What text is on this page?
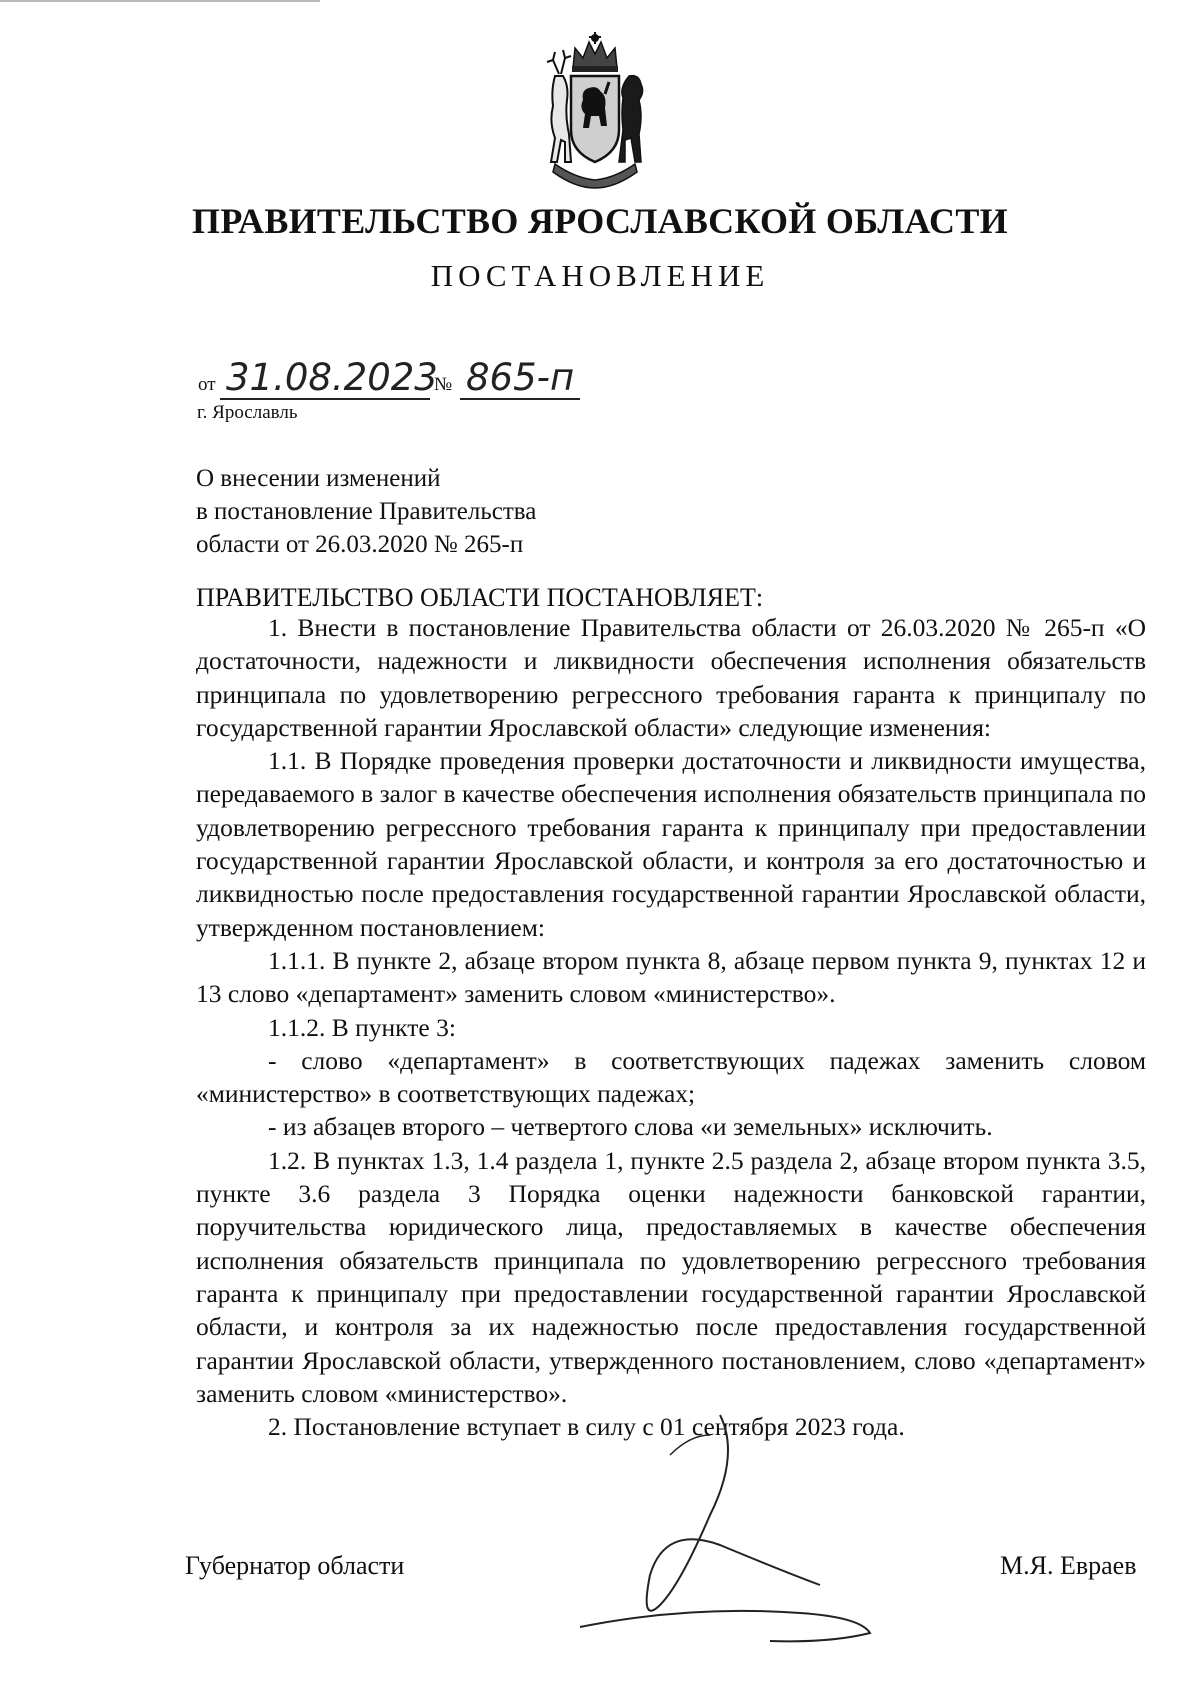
ПРАВИТЕЛЬСТВО ЯРОСЛАВСКОЙ ОБЛАСТИ
ПОСТАНОВЛЕНИЕ
от 31.08.2023
№ 865-п
г. Ярославль
О внесении изменений
в постановление Правительства
области от 26.03.2020 № 265-п
ПРАВИТЕЛЬСТВО ОБЛАСТИ ПОСТАНОВЛЯЕТ:

1. Внести в постановление Правительства области от 26.03.2020 № 265-п «О достаточности, надежности и ликвидности обеспечения исполнения обязательств принципала по удовлетворению регрессного требования гаранта к принципалу по государственной гарантии Ярославской области» следующие изменения:

1.1. В Порядке проведения проверки достаточности и ликвидности имущества, передаваемого в залог в качестве обеспечения исполнения обязательств принципала по удовлетворению регрессного требования гаранта к принципалу при предоставлении государственной гарантии Ярославской области, и контроля за его достаточностью и ликвидностью после предоставления государственной гарантии Ярославской области, утвержденном постановлением:

1.1.1. В пункте 2, абзаце втором пункта 8, абзаце первом пункта 9, пунктах 12 и 13 слово «департамент» заменить словом «министерство».

1.1.2. В пункте 3:

- слово «департамент» в соответствующих падежах заменить словом «министерство» в соответствующих падежах;

- из абзацев второго – четвертого слова «и земельных» исключить.

1.2. В пунктах 1.3, 1.4 раздела 1, пункте 2.5 раздела 2, абзаце втором пункта 3.5, пункте 3.6 раздела 3 Порядка оценки надежности банковской гарантии, поручительства юридического лица, предоставляемых в качестве обеспечения исполнения обязательств принципала по удовлетворению регрессного требования гаранта к принципалу при предоставлении государственной гарантии Ярославской области, и контроля за их надежностью после предоставления государственной гарантии Ярославской области, утвержденного постановлением, слово «департамент» заменить словом «министерство».

2. Постановление вступает в силу с 01 сентября 2023 года.

Губернатор области	М.Я. Евраев
